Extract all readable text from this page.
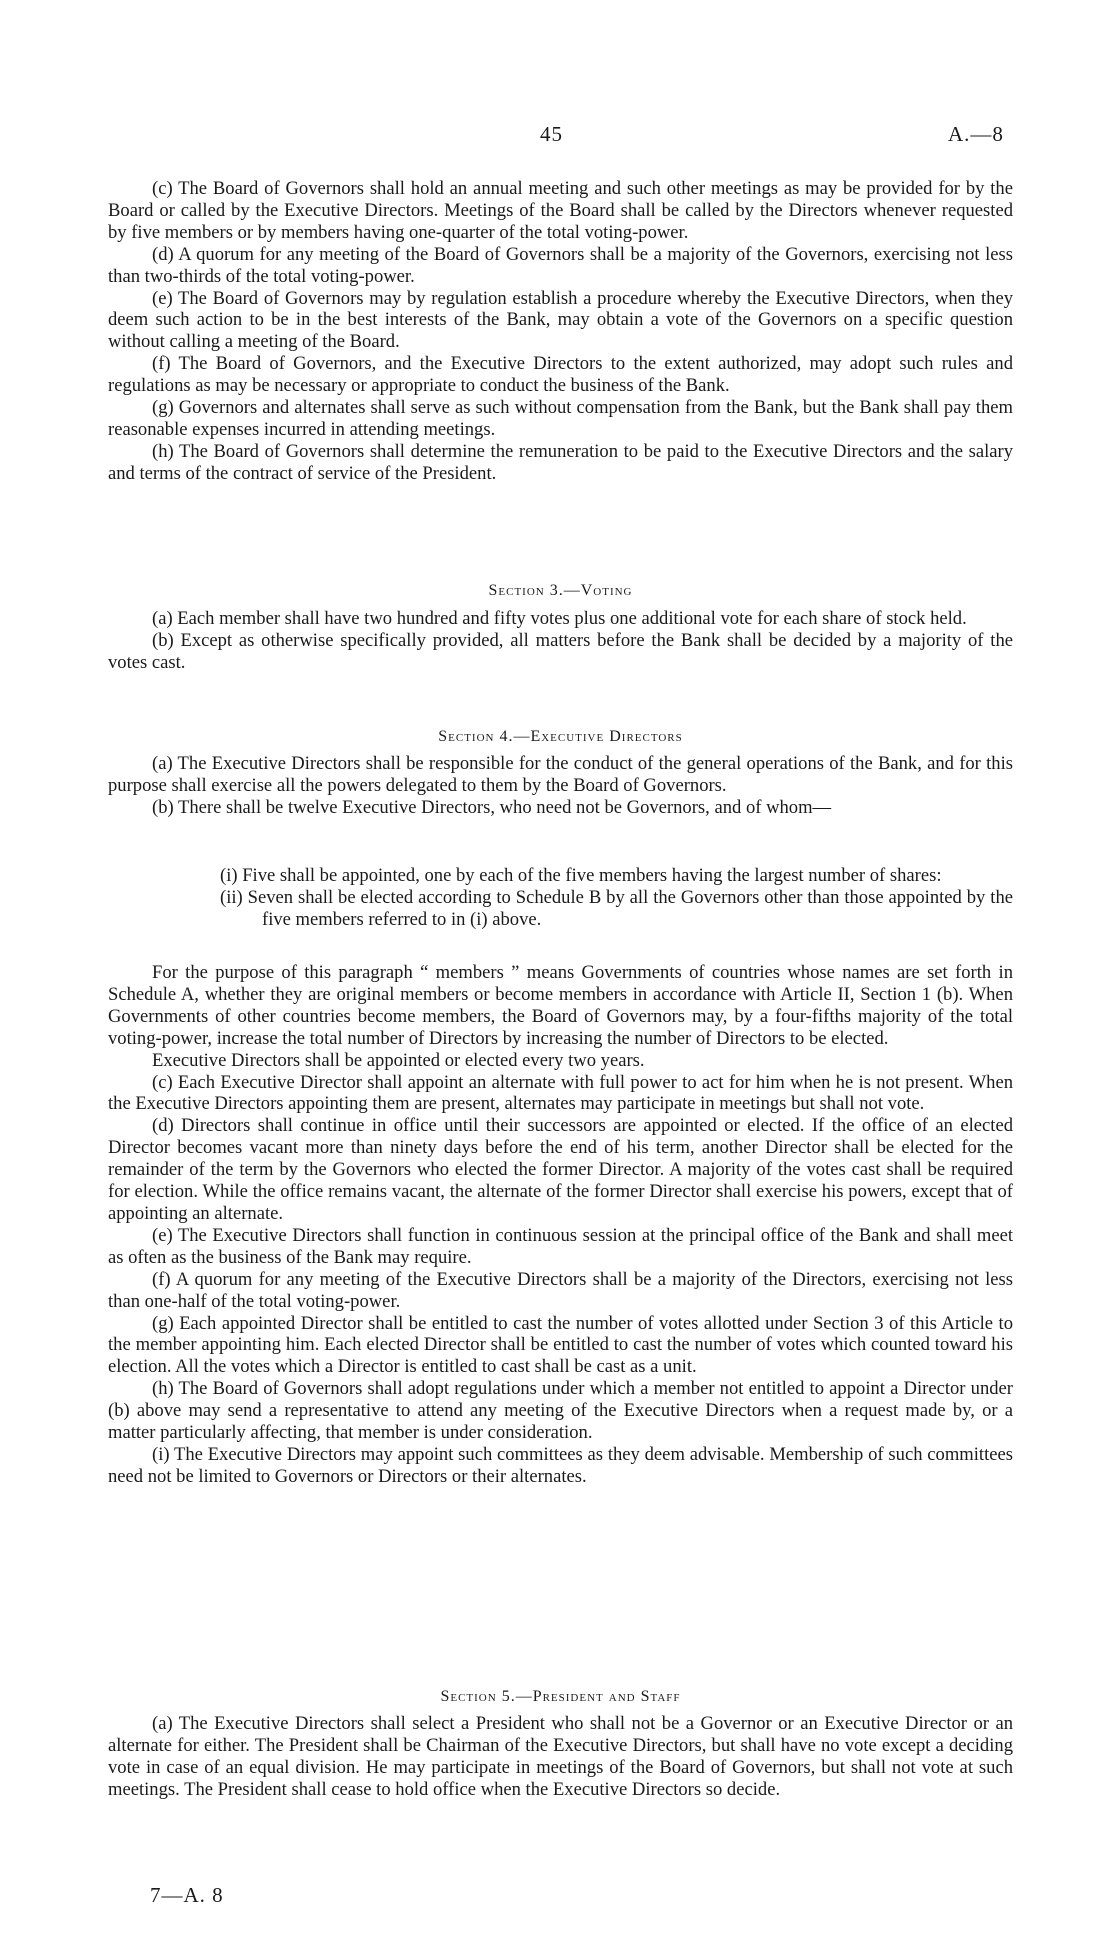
45	A.—8

(c) The Board of Governors shall hold an annual meeting and such other meetings as may be provided for by the Board or called by the Executive Directors. Meetings of the Board shall be called by the Directors whenever requested by five members or by members having one-quarter of the total voting-power.

(d) A quorum for any meeting of the Board of Governors shall be a majority of the Governors, exercising not less than two-thirds of the total voting-power.

(e) The Board of Governors may by regulation establish a procedure whereby the Executive Directors, when they deem such action to be in the best interests of the Bank, may obtain a vote of the Governors on a specific question without calling a meeting of the Board.

(f) The Board of Governors, and the Executive Directors to the extent authorized, may adopt such rules and regulations as may be necessary or appropriate to conduct the business of the Bank.

(g) Governors and alternates shall serve as such without compensation from the Bank, but the Bank shall pay them reasonable expenses incurred in attending meetings.

(h) The Board of Governors shall determine the remuneration to be paid to the Executive Directors and the salary and terms of the contract of service of the President.

Section 3.—Voting

(a) Each member shall have two hundred and fifty votes plus one additional vote for each share of stock held.

(b) Except as otherwise specifically provided, all matters before the Bank shall be decided by a majority of the votes cast.

Section 4.—Executive Directors

(a) The Executive Directors shall be responsible for the conduct of the general operations of the Bank, and for this purpose shall exercise all the powers delegated to them by the Board of Governors.

(b) There shall be twelve Executive Directors, who need not be Governors, and of whom—

(i) Five shall be appointed, one by each of the five members having the largest number of shares:

(ii) Seven shall be elected according to Schedule B by all the Governors other than those appointed by the five members referred to in (i) above.

For the purpose of this paragraph “ members ” means Governments of countries whose names are set forth in Schedule A, whether they are original members or become members in accordance with Article II, Section 1 (b). When Governments of other countries become members, the Board of Governors may, by a four-fifths majority of the total voting-power, increase the total number of Directors by increasing the number of Directors to be elected.

Executive Directors shall be appointed or elected every two years.

(c) Each Executive Director shall appoint an alternate with full power to act for him when he is not present. When the Executive Directors appointing them are present, alternates may participate in meetings but shall not vote.

(d) Directors shall continue in office until their successors are appointed or elected. If the office of an elected Director becomes vacant more than ninety days before the end of his term, another Director shall be elected for the remainder of the term by the Governors who elected the former Director. A majority of the votes cast shall be required for election. While the office remains vacant, the alternate of the former Director shall exercise his powers, except that of appointing an alternate.

(e) The Executive Directors shall function in continuous session at the principal office of the Bank and shall meet as often as the business of the Bank may require.

(f) A quorum for any meeting of the Executive Directors shall be a majority of the Directors, exercising not less than one-half of the total voting-power.

(g) Each appointed Director shall be entitled to cast the number of votes allotted under Section 3 of this Article to the member appointing him. Each elected Director shall be entitled to cast the number of votes which counted toward his election. All the votes which a Director is entitled to cast shall be cast as a unit.

(h) The Board of Governors shall adopt regulations under which a member not entitled to appoint a Director under (b) above may send a representative to attend any meeting of the Executive Directors when a request made by, or a matter particularly affecting, that member is under consideration.

(i) The Executive Directors may appoint such committees as they deem advisable. Membership of such committees need not be limited to Governors or Directors or their alternates.

Section 5.—President and Staff

(a) The Executive Directors shall select a President who shall not be a Governor or an Executive Director or an alternate for either. The President shall be Chairman of the Executive Directors, but shall have no vote except a deciding vote in case of an equal division. He may participate in meetings of the Board of Governors, but shall not vote at such meetings. The President shall cease to hold office when the Executive Directors so decide.

7—A. 8
